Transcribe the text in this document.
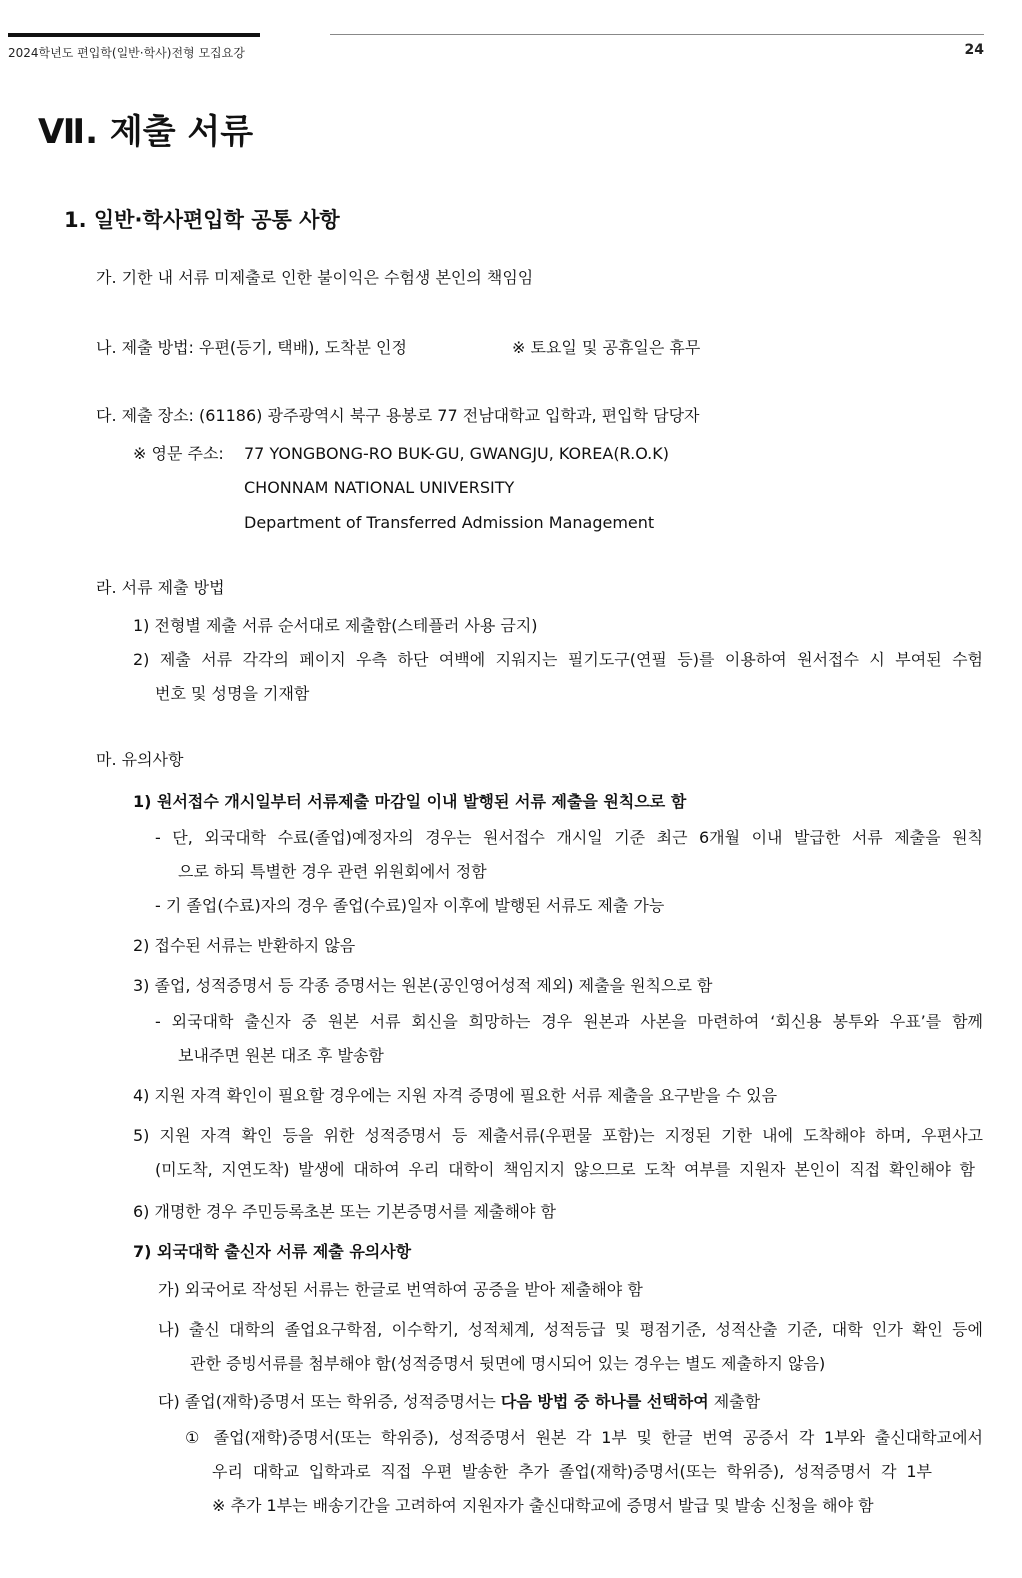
2024학년도 편입학(일반·학사)전형 모집요강	24
Ⅶ. 제출 서류
1. 일반·학사편입학 공통 사항
가. 기한 내 서류 미제출로 인한 불이익은 수험생 본인의 책임임
나. 제출 방법: 우편(등기, 택배), 도착분 인정	※ 토요일 및 공휴일은 휴무
다. 제출 장소: (61186) 광주광역시 북구 용봉로 77 전남대학교 입학과, 편입학 담당자
※ 영문 주소: 77 YONGBONG-RO BUK-GU, GWANGJU, KOREA(R.O.K)
CHONNAM NATIONAL UNIVERSITY
Department of Transferred Admission Management
라. 서류 제출 방법
1) 전형별 제출 서류 순서대로 제출함(스테플러 사용 금지)
2) 제출 서류 각각의 페이지 우측 하단 여백에 지워지는 필기도구(연필 등)를 이용하여 원서접수 시 부여된 수험
번호 및 성명을 기재함
마. 유의사항
1) 원서접수 개시일부터 서류제출 마감일 이내 발행된 서류 제출을 원칙으로 함
- 단, 외국대학 수료(졸업)예정자의 경우는 원서접수 개시일 기준 최근 6개월 이내 발급한 서류 제출을 원칙
으로 하되 특별한 경우 관련 위원회에서 정함
- 기 졸업(수료)자의 경우 졸업(수료)일자 이후에 발행된 서류도 제출 가능
2) 접수된 서류는 반환하지 않음
3) 졸업, 성적증명서 등 각종 증명서는 원본(공인영어성적 제외) 제출을 원칙으로 함
- 외국대학 출신자 중 원본 서류 회신을 희망하는 경우 원본과 사본을 마련하여 ‘회신용 봉투와 우표’를 함께
보내주면 원본 대조 후 발송함
4) 지원 자격 확인이 필요할 경우에는 지원 자격 증명에 필요한 서류 제출을 요구받을 수 있음
5) 지원 자격 확인 등을 위한 성적증명서 등 제출서류(우편물 포함)는 지정된 기한 내에 도착해야 하며, 우편사고
(미도착, 지연도착) 발생에 대하여 우리 대학이 책임지지 않으므로 도착 여부를 지원자 본인이 직접 확인해야 함
6) 개명한 경우 주민등록초본 또는 기본증명서를 제출해야 함
7) 외국대학 출신자 서류 제출 유의사항
가) 외국어로 작성된 서류는 한글로 번역하여 공증을 받아 제출해야 함
나) 출신 대학의 졸업요구학점, 이수학기, 성적체계, 성적등급 및 평점기준, 성적산출 기준, 대학 인가 확인 등에
관한 증빙서류를 첨부해야 함(성적증명서 뒷면에 명시되어 있는 경우는 별도 제출하지 않음)
다) 졸업(재학)증명서 또는 학위증, 성적증명서는 다음 방법 중 하나를 선택하여 제출함
① 졸업(재학)증명서(또는 학위증), 성적증명서 원본 각 1부 및 한글 번역 공증서 각 1부와 출신대학교에서
우리 대학교 입학과로 직접 우편 발송한 추가 졸업(재학)증명서(또는 학위증), 성적증명서 각 1부
※ 추가 1부는 배송기간을 고려하여 지원자가 출신대학교에 증명서 발급 및 발송 신청을 해야 함
